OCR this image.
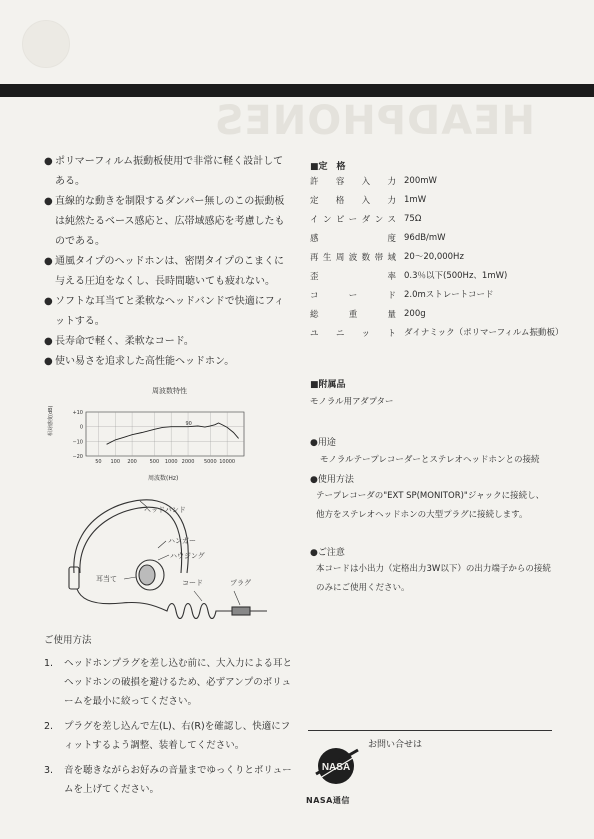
HEADPHONES
● ポリマーフィルム振動板使用で非常に軽く設計してある。
● 直線的な動きを制限するダンパー無しのこの振動板は純然たるベース感応と、広帯域感応を考慮したものである。
● 通風タイプのヘッドホンは、密閉タイプのこまくに与える圧迫をなくし、長時間聴いても疲れない。
● ソフトな耳当てと柔軟なヘッドバンドで快適にフィットする。
● 長寿命で軽く、柔軟なコード。
● 使い易さを追求した高性能ヘッドホン。
周波数特性
相対感度(dB)	+10
0
−10
−20
50 100 200	500 1000 2000 5000 10000
90
周波数(Hz)
ヘッドバンド
ハンガー
ハウジング
耳当て	コード	プラグ
ご使用方法
1. ヘッドホンプラグを差し込む前に、大入力による耳とヘッドホンの破損を避けるため、必ずアンプのボリュームを最小に絞ってください。
2. プラグを差し込んで左(L)、右(R)を確認し、快適にフィットするよう調整、装着してください。
3. 音を聴きながらお好みの音量までゆっくりとボリュームを上げてください。
■定　格
許容入力	200mW
定格入力	1mW
インピーダンス	75Ω
感度	96dB/mW
再生周波数帯域	20〜20,000Hz
歪率	0.3％以下(500Hz、1mW)
コード	2.0mストレートコード
総重量	200g
ユニット	ダイナミック（ポリマーフィルム振動板）
■附属品
モノラル用アダプター
●用途
モノラルテープレコーダーとステレオヘッドホンとの接続
●使用方法
テープレコーダの"EXT SP(MONITOR)"ジャックに接続し、他方をステレオヘッドホンの大型プラグに接続します。
●ご注意
本コードは小出力（定格出力3W以下）の出力端子からの接続のみにご使用ください。
お問い合せは
NASA
NASA通信
